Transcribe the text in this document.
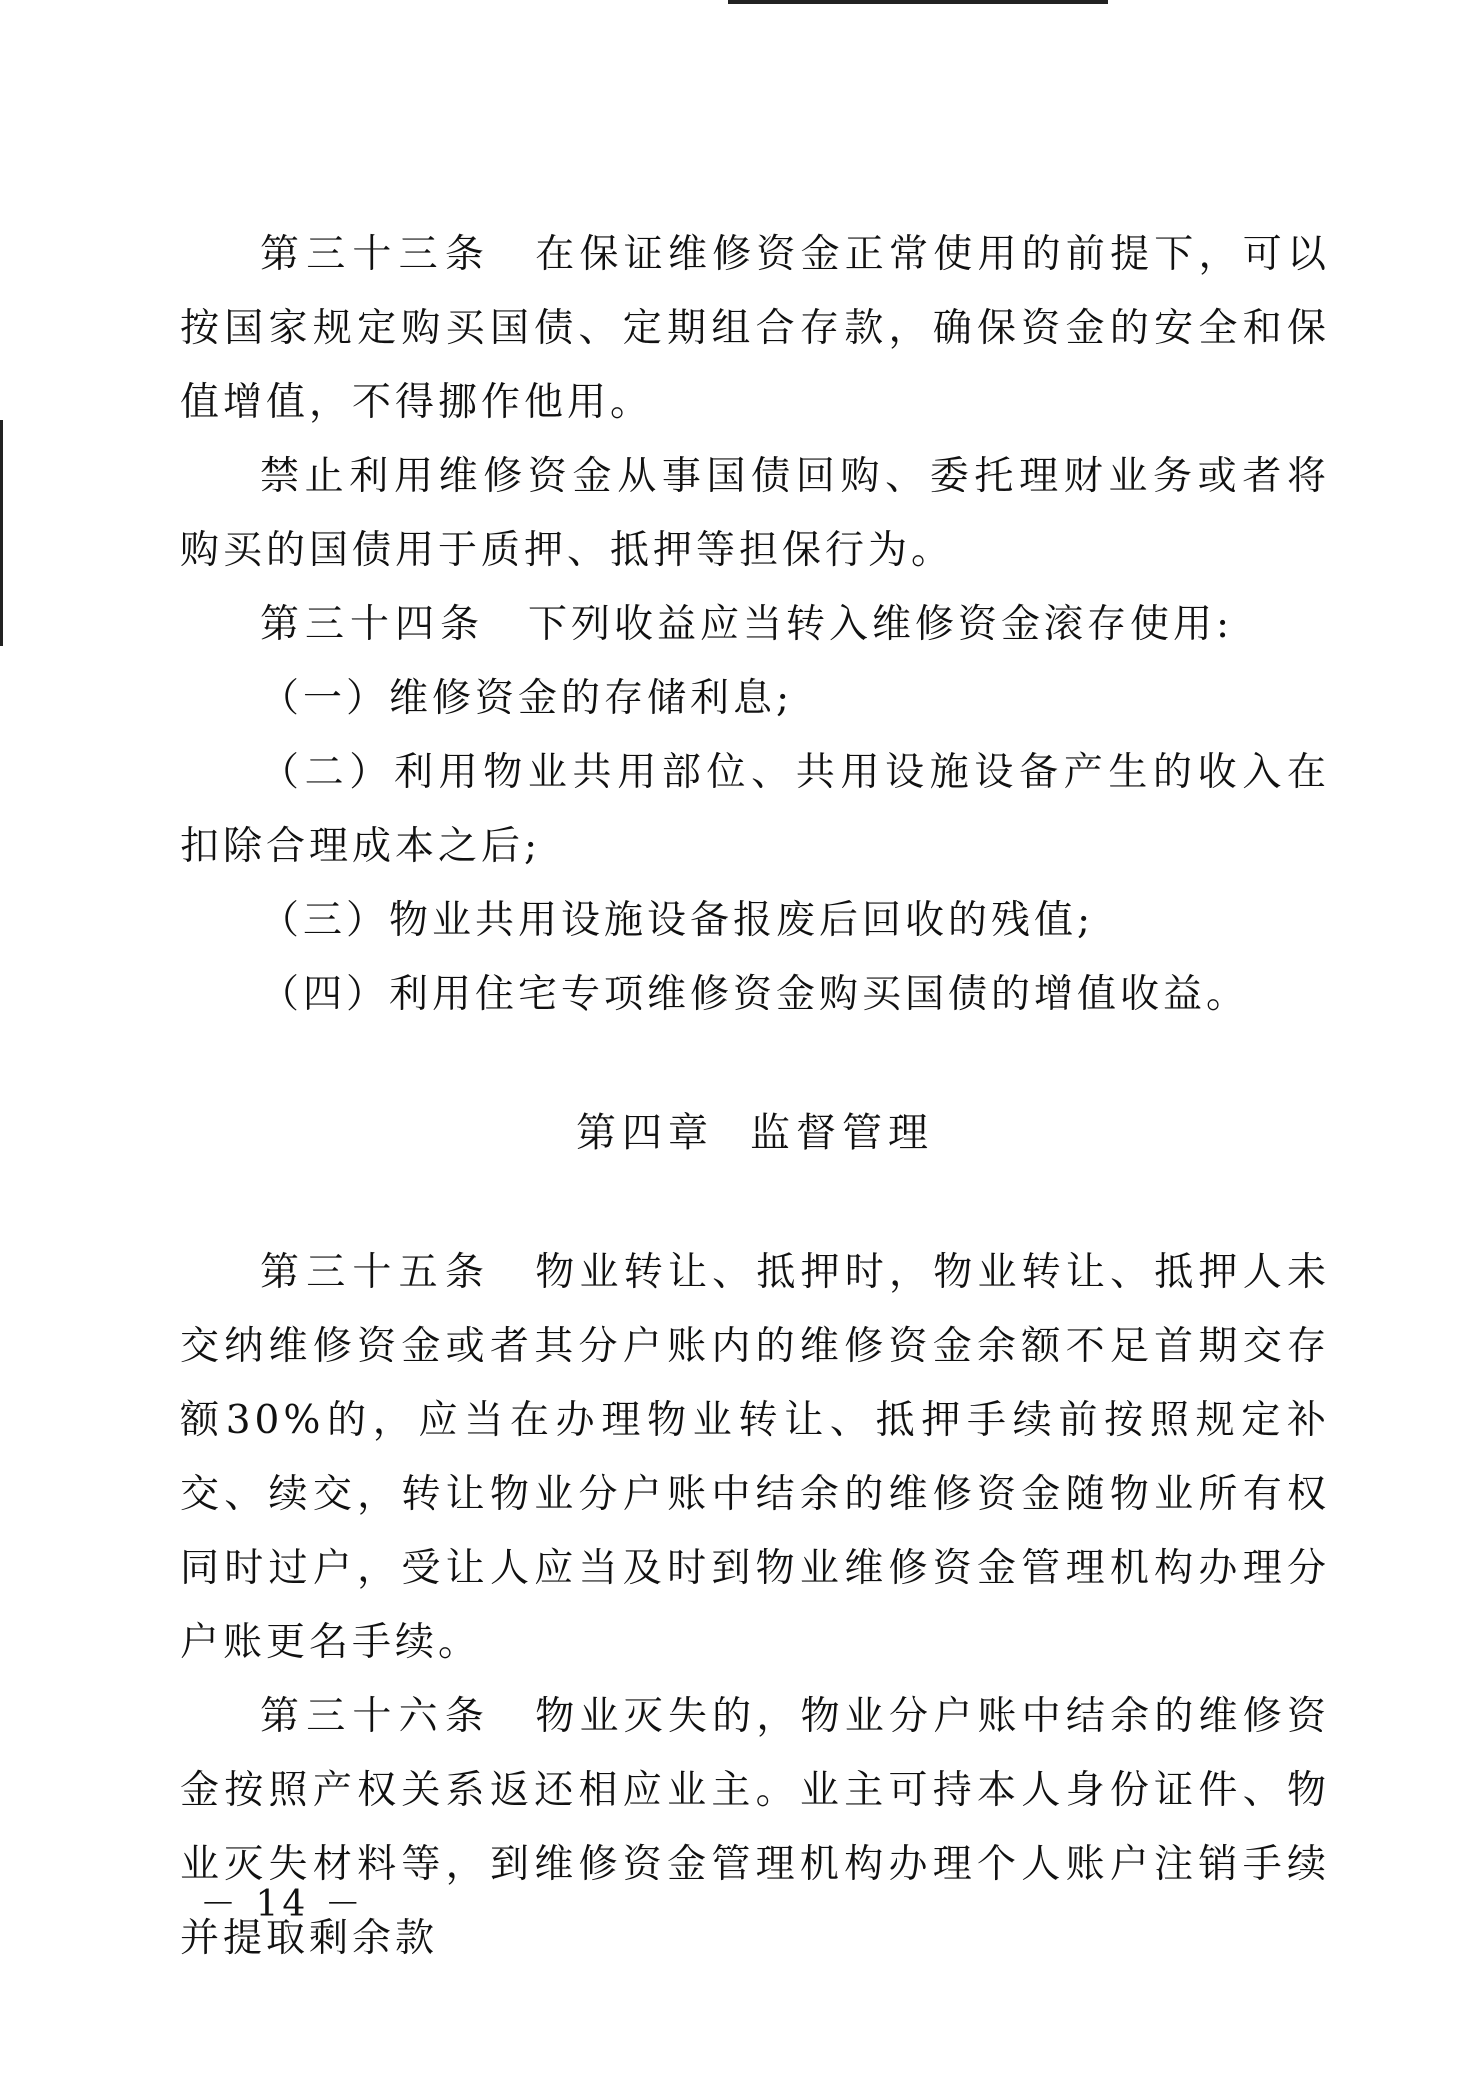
第三十三条　 在保证维修资金正常使用的前提下，可以按国家规定购买国债、定期组合存款，确保资金的安全和保值增值，不得挪作他用。

禁止利用维修资金从事国债回购、委托理财业务或者将购买的国债用于质押、抵押等担保行为。

第三十四条　 下列收益应当转入维修资金滚存使用:

（一）维修资金的存储利息;

（二）利用物业共用部位、共用设施设备产生的收入在扣除合理成本之后;

（三）物业共用设施设备报废后回收的残值;

（四）利用住宅专项维修资金购买国债的增值收益。

第四章 监督管理

第三十五条　 物业转让、抵押时，物业转让、抵押人未交纳维修资金或者其分户账内的维修资金余额不足首期交存额30%的，应当在办理物业转让、抵押手续前按照规定补交、续交，转让物业分户账中结余的维修资金随物业所有权同时过户，受让人应当及时到物业维修资金管理机构办理分户账更名手续。

第三十六条　 物业灭失的，物业分户账中结余的维修资金按照产权关系返还相应业主。业主可持本人身份证件、物业灭失材料等，到维修资金管理机构办理个人账户注销手续并提取剩余款

－ 14 －
